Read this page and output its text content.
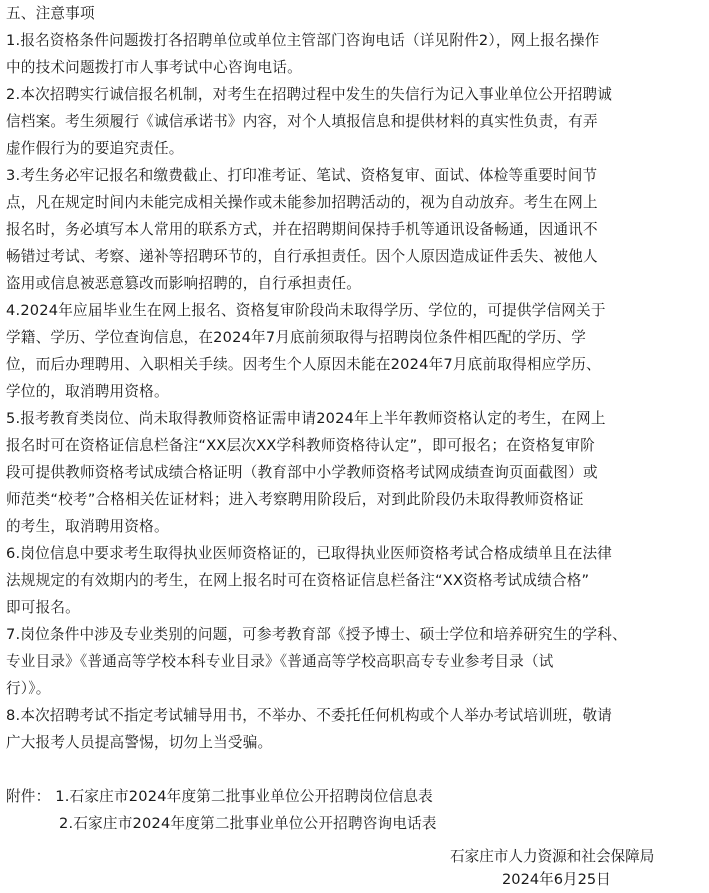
五、注意事项
1.报名资格条件问题拨打各招聘单位或单位主管部门咨询电话（详见附件2），网上报名操作
中的技术问题拨打市人事考试中心咨询电话。
2.本次招聘实行诚信报名机制，对考生在招聘过程中发生的失信行为记入事业单位公开招聘诚
信档案。考生须履行《诚信承诺书》内容，对个人填报信息和提供材料的真实性负责，有弄
虚作假行为的要追究责任。
3.考生务必牢记报名和缴费截止、打印准考证、笔试、资格复审、面试、体检等重要时间节
点，凡在规定时间内未能完成相关操作或未能参加招聘活动的，视为自动放弃。考生在网上
报名时，务必填写本人常用的联系方式，并在招聘期间保持手机等通讯设备畅通，因通讯不
畅错过考试、考察、递补等招聘环节的，自行承担责任。因个人原因造成证件丢失、被他人
盗用或信息被恶意篡改而影响招聘的，自行承担责任。
4.2024年应届毕业生在网上报名、资格复审阶段尚未取得学历、学位的，可提供学信网关于
学籍、学历、学位查询信息，在2024年7月底前须取得与招聘岗位条件相匹配的学历、学
位，而后办理聘用、入职相关手续。因考生个人原因未能在2024年7月底前取得相应学历、
学位的，取消聘用资格。
5.报考教育类岗位、尚未取得教师资格证需申请2024年上半年教师资格认定的考生，在网上
报名时可在资格证信息栏备注“XX层次XX学科教师资格待认定”，即可报名；在资格复审阶
段可提供教师资格考试成绩合格证明（教育部中小学教师资格考试网成绩查询页面截图）或
师范类“校考”合格相关佐证材料；进入考察聘用阶段后，对到此阶段仍未取得教师资格证
的考生，取消聘用资格。
6.岗位信息中要求考生取得执业医师资格证的，已取得执业医师资格考试合格成绩单且在法律
法规规定的有效期内的考生，在网上报名时可在资格证信息栏备注“XX资格考试成绩合格”
即可报名。
7.岗位条件中涉及专业类别的问题，可参考教育部《授予博士、硕士学位和培养研究生的学科、
专业目录》《普通高等学校本科专业目录》《普通高等学校高职高专专业参考目录（试
行）》。
8.本次招聘考试不指定考试辅导用书，不举办、不委托任何机构或个人举办考试培训班，敬请
广大报考人员提高警惕，切勿上当受骗。
附件： 1.石家庄市2024年度第二批事业单位公开招聘岗位信息表
2.石家庄市2024年度第二批事业单位公开招聘咨询电话表
石家庄市人力资源和社会保障局
2024年6月25日
